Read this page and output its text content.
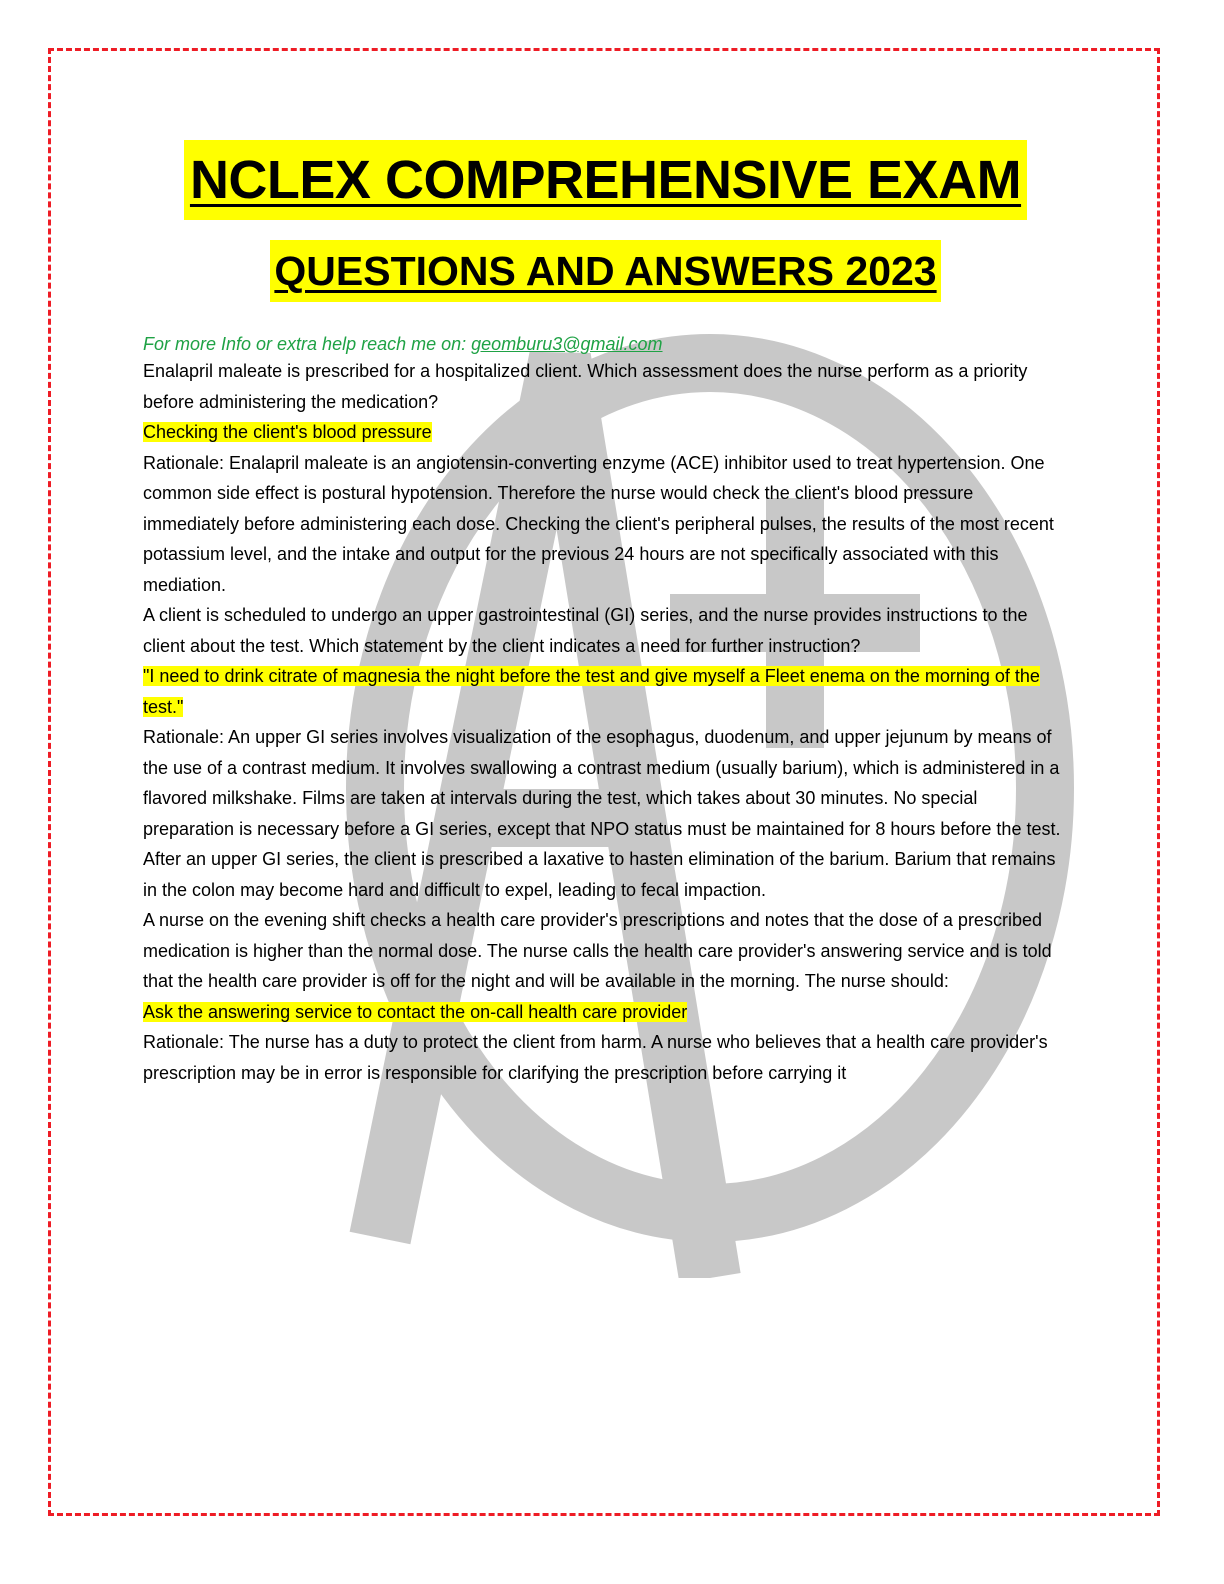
NCLEX COMPREHENSIVE EXAM
QUESTIONS AND ANSWERS 2023
For more Info or extra help reach me on: geomburu3@gmail.com

Enalapril maleate is prescribed for a hospitalized client. Which assessment does the nurse perform as a priority before administering the medication?

Checking the client's blood pressure

Rationale: Enalapril maleate is an angiotensin-converting enzyme (ACE) inhibitor used to treat hypertension. One common side effect is postural hypotension. Therefore the nurse would check the client's blood pressure immediately before administering each dose. Checking the client's peripheral pulses, the results of the most recent potassium level, and the intake and output for the previous 24 hours are not specifically associated with this mediation.

A client is scheduled to undergo an upper gastrointestinal (GI) series, and the nurse provides instructions to the client about the test. Which statement by the client indicates a need for further instruction?

"I need to drink citrate of magnesia the night before the test and give myself a Fleet enema on the morning of the test."

Rationale: An upper GI series involves visualization of the esophagus, duodenum, and upper jejunum by means of the use of a contrast medium. It involves swallowing a contrast medium (usually barium), which is administered in a flavored milkshake. Films are taken at intervals during the test, which takes about 30 minutes. No special preparation is necessary before a GI series, except that NPO status must be maintained for 8 hours before the test. After an upper GI series, the client is prescribed a laxative to hasten elimination of the barium. Barium that remains in the colon may become hard and difficult to expel, leading to fecal impaction.

A nurse on the evening shift checks a health care provider's prescriptions and notes that the dose of a prescribed medication is higher than the normal dose. The nurse calls the health care provider's answering service and is told that the health care provider is off for the night and will be available in the morning. The nurse should:

Ask the answering service to contact the on-call health care provider

Rationale: The nurse has a duty to protect the client from harm. A nurse who believes that a health care provider's prescription may be in error is responsible for clarifying the prescription before carrying it
